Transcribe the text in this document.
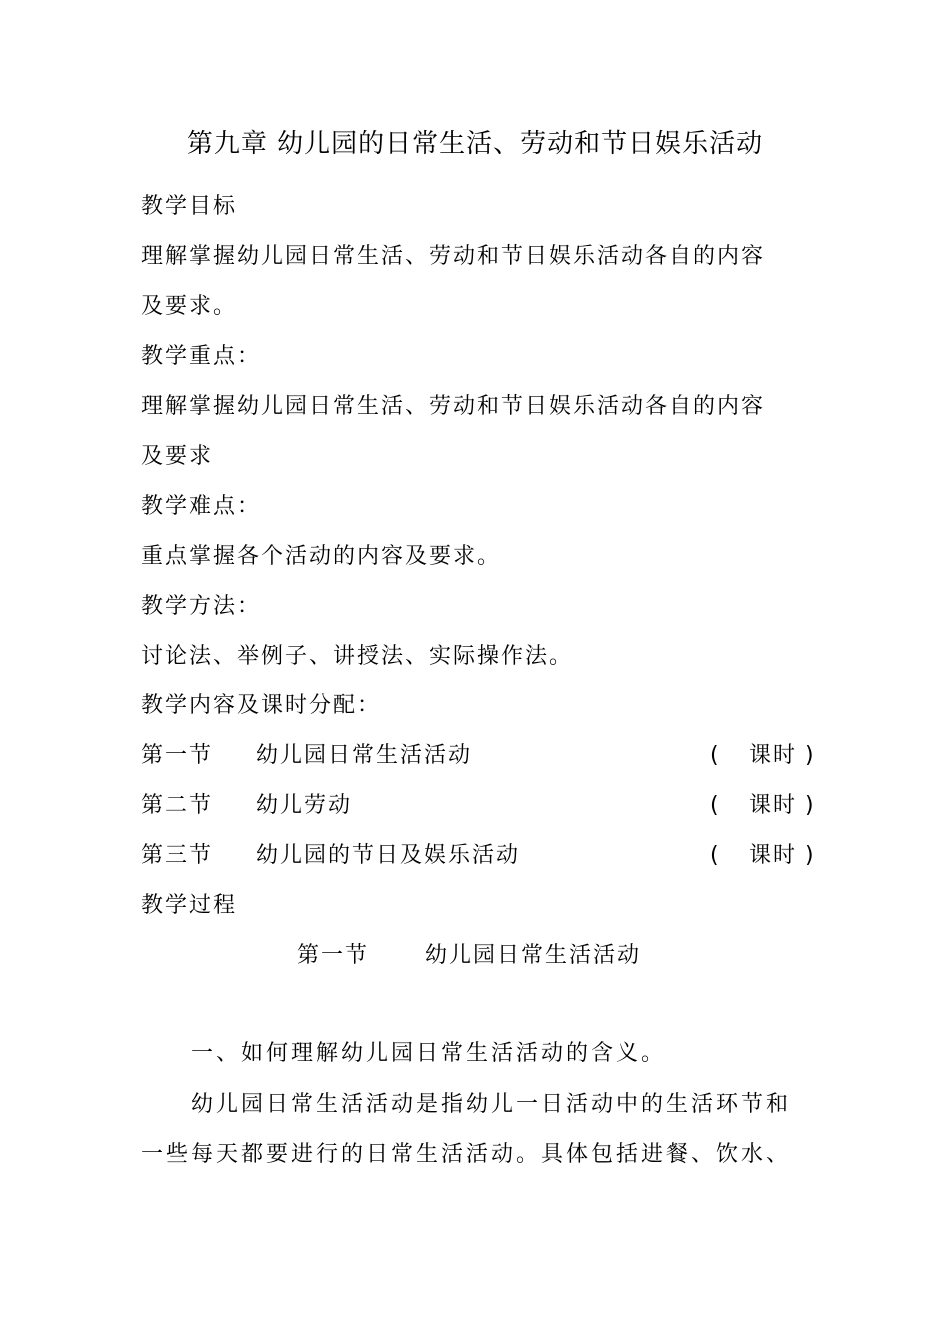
第九章 幼儿园的日常生活、劳动和节日娱乐活动
教学目标
理解掌握幼儿园日常生活、劳动和节日娱乐活动各自的内容
及要求。
教学重点：
理解掌握幼儿园日常生活、劳动和节日娱乐活动各自的内容
及要求
教学难点：
重点掌握各个活动的内容及要求。
教学方法：
讨论法、举例子、讲授法、实际操作法。
教学内容及课时分配：
第一节 幼儿园日常生活活动	( 课时 )
第二节 幼儿劳动	( 课时 )
第三节 幼儿园的节日及娱乐活动	( 课时 )
教学过程
第一节	幼儿园日常生活活动
一、如何理解幼儿园日常生活活动的含义。
幼儿园日常生活活动是指幼儿一日活动中的生活环节和
一些每天都要进行的日常生活活动。具体包括进餐、饮水、
